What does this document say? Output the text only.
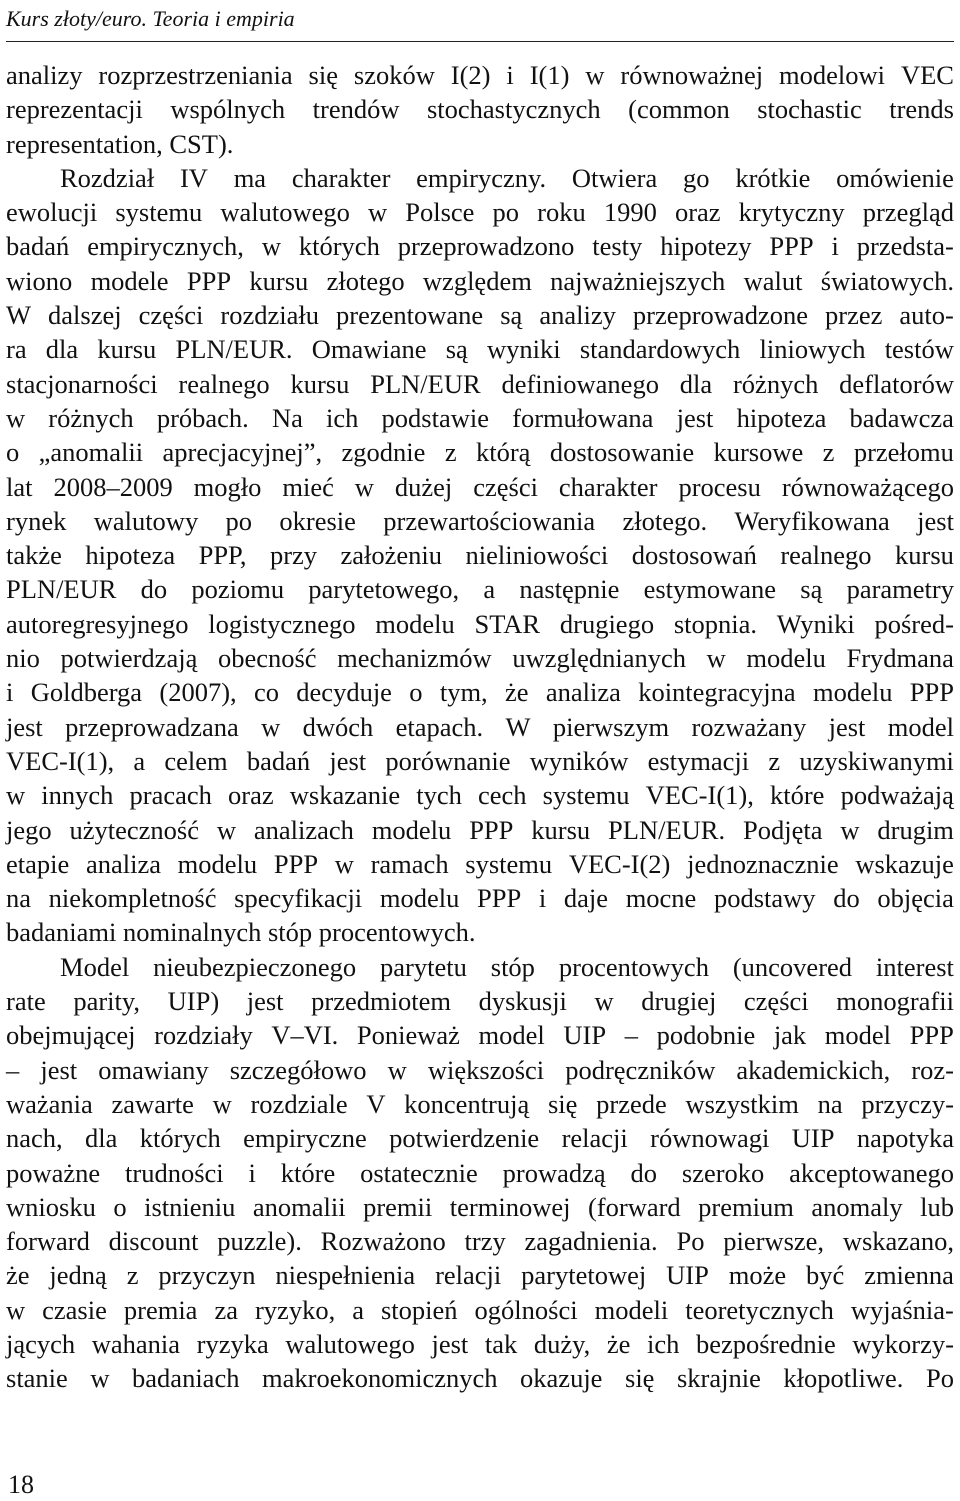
Kurs złoty/euro. Teoria i empiria
analizy rozprzestrzeniania się szoków I(2) i I(1) w równoważnej modelowi VEC
reprezentacji wspólnych trendów stochastycznych (common stochastic trends
representation, CST).
Rozdział IV ma charakter empiryczny. Otwiera go krótkie omówienie
ewolucji systemu walutowego w Polsce po roku 1990 oraz krytyczny przegląd
badań empirycznych, w których przeprowadzono testy hipotezy PPP i przedsta-
wiono modele PPP kursu złotego względem najważniejszych walut światowych.
W dalszej części rozdziału prezentowane są analizy przeprowadzone przez auto-
ra dla kursu PLN/EUR. Omawiane są wyniki standardowych liniowych testów
stacjonarności realnego kursu PLN/EUR definiowanego dla różnych deflatorów
w różnych próbach. Na ich podstawie formułowana jest hipoteza badawcza
o „anomalii aprecjacyjnej”, zgodnie z którą dostosowanie kursowe z przełomu
lat 2008–2009 mogło mieć w dużej części charakter procesu równoważącego
rynek walutowy po okresie przewartościowania złotego. Weryfikowana jest
także hipoteza PPP, przy założeniu nieliniowości dostosowań realnego kursu
PLN/EUR do poziomu parytetowego, a następnie estymowane są parametry
autoregresyjnego logistycznego modelu STAR drugiego stopnia. Wyniki pośred-
nio potwierdzają obecność mechanizmów uwzględnianych w modelu Frydmana
i Goldberga (2007), co decyduje o tym, że analiza kointegracyjna modelu PPP
jest przeprowadzana w dwóch etapach. W pierwszym rozważany jest model
VEC-I(1), a celem badań jest porównanie wyników estymacji z uzyskiwanymi
w innych pracach oraz wskazanie tych cech systemu VEC-I(1), które podważają
jego użyteczność w analizach modelu PPP kursu PLN/EUR. Podjęta w drugim
etapie analiza modelu PPP w ramach systemu VEC-I(2) jednoznacznie wskazuje
na niekompletność specyfikacji modelu PPP i daje mocne podstawy do objęcia
badaniami nominalnych stóp procentowych.
Model nieubezpieczonego parytetu stóp procentowych (uncovered interest
rate parity, UIP) jest przedmiotem dyskusji w drugiej części monografii
obejmującej rozdziały V–VI. Ponieważ model UIP – podobnie jak model PPP
– jest omawiany szczegółowo w większości podręczników akademickich, roz-
ważania zawarte w rozdziale V koncentrują się przede wszystkim na przyczy-
nach, dla których empiryczne potwierdzenie relacji równowagi UIP napotyka
poważne trudności i które ostatecznie prowadzą do szeroko akceptowanego
wniosku o istnieniu anomalii premii terminowej (forward premium anomaly lub
forward discount puzzle). Rozważono trzy zagadnienia. Po pierwsze, wskazano,
że jedną z przyczyn niespełnienia relacji parytetowej UIP może być zmienna
w czasie premia za ryzyko, a stopień ogólności modeli teoretycznych wyjaśnia-
jących wahania ryzyka walutowego jest tak duży, że ich bezpośrednie wykorzy-
stanie w badaniach makroekonomicznych okazuje się skrajnie kłopotliwe. Po
18
